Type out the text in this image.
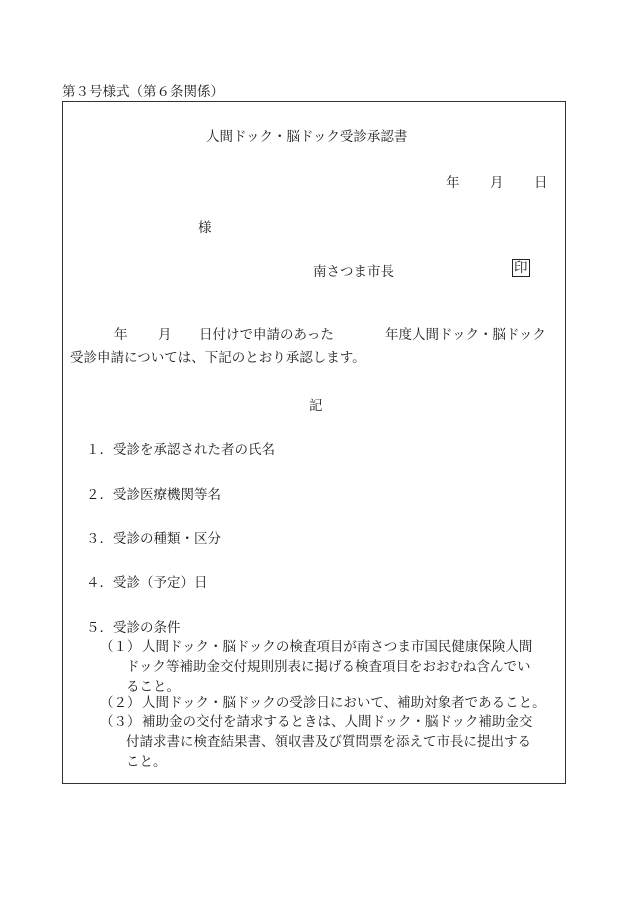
第３号様式（第６条関係）
人間ドック・脳ドック受診承認書
年 月 日
様
南さつま市長	印
年 月 日付けで申請のあった	年度人間ドック・脳ドック

受診申請については、下記のとおり承認します。
記
１．受診を承認された者の氏名
２．受診医療機関等名
３．受診の種類・区分
４．受診（予定）日
５．受診の条件
（１） 人間ドック・脳ドックの検査項目が南さつま市国民健康保険人間
ドック等補助金交付規則別表に掲げる検査項目をおおむね含んでい
ること。
（２） 人間ドック・脳ドックの受診日において、補助対象者であること。
（３） 補助金の交付を請求するときは、人間ドック・脳ドック補助金交
付請求書に検査結果書、領収書及び質問票を添えて市長に提出する
こと。
